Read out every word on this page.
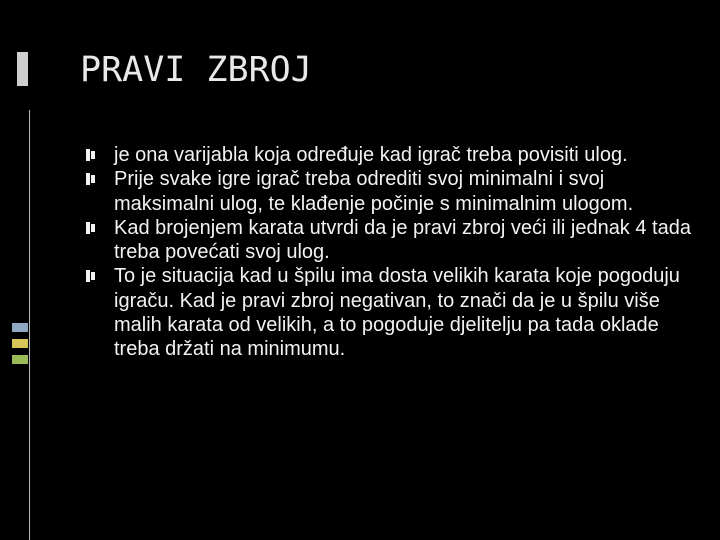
PRAVI ZBROJ
je ona varijabla koja određuje kad igrač treba povisiti ulog.
Prije svake igre igrač treba odrediti svoj minimalni i svoj maksimalni ulog, te klađenje počinje s minimalnim ulogom.
Kad brojenjem karata utvrdi da je pravi zbroj veći ili jednak 4 tada treba povećati svoj ulog.
To je situacija kad u špilu ima dosta velikih karata koje pogoduju igraču. Kad je pravi zbroj negativan, to znači da je u špilu više malih karata od velikih, a to pogoduje djelitelju pa tada oklade treba držati na minimumu.
